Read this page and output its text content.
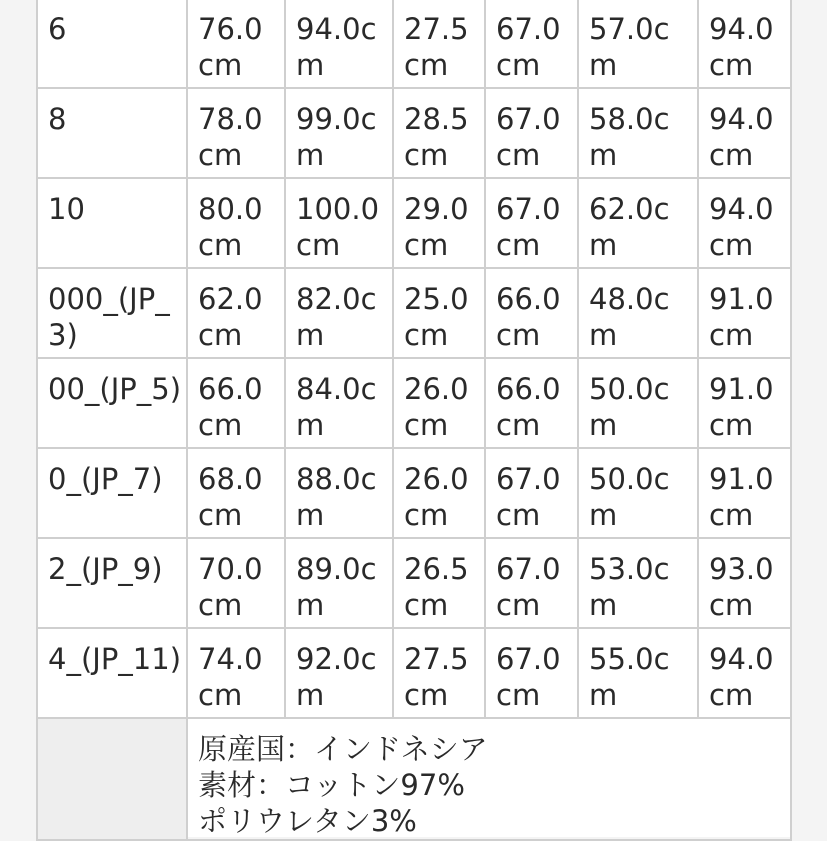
6	76.0 cm	94.0cm	27.5 cm	67.0 cm	57.0cm	94.0 cm
8	78.0 cm	99.0cm	28.5 cm	67.0 cm	58.0cm	94.0 cm
10	80.0 cm	100.0 cm	29.0 cm	67.0 cm	62.0cm	94.0 cm
000_(JP_3)	62.0 cm	82.0cm	25.0 cm	66.0 cm	48.0cm	91.0 cm
00_(JP_5)	66.0 cm	84.0cm	26.0 cm	66.0 cm	50.0cm	91.0 cm
0_(JP_7)	68.0 cm	88.0cm	26.0 cm	67.0 cm	50.0cm	91.0 cm
2_(JP_9)	70.0 cm	89.0cm	26.5 cm	67.0 cm	53.0cm	93.0 cm
4_(JP_11)	74.0 cm	92.0cm	27.5 cm	67.0 cm	55.0cm	94.0 cm

	原産国：インドネシア
素材：コットン97%
ポリウレタン3%					
